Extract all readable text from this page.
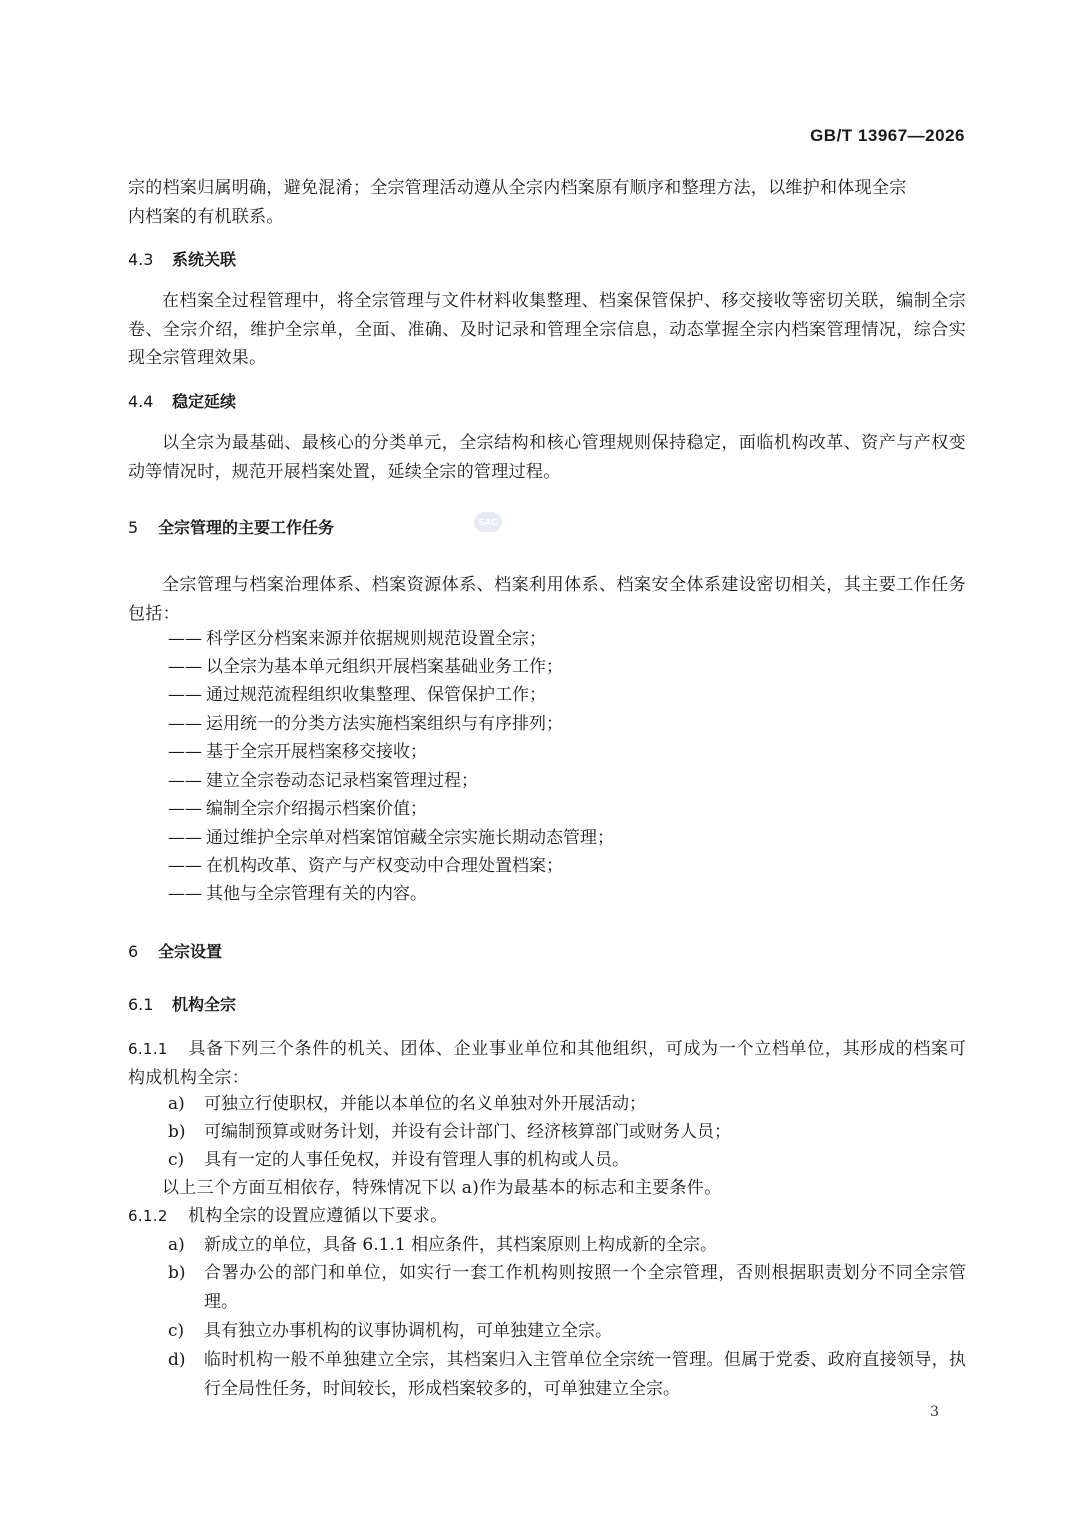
GB/T 13967—2026
宗的档案归属明确，避免混淆；全宗管理活动遵从全宗内档案原有顺序和整理方法，以维护和体现全宗
内档案的有机联系。
4.3 系统关联
在档案全过程管理中，将全宗管理与文件材料收集整理、档案保管保护、移交接收等密切关联，编制全宗卷、全宗介绍，维护全宗单，全面、准确、及时记录和管理全宗信息，动态掌握全宗内档案管理情况，综合实现全宗管理效果。
4.4 稳定延续
以全宗为最基础、最核心的分类单元，全宗结构和核心管理规则保持稳定，面临机构改革、资产与产权变动等情况时，规范开展档案处置，延续全宗的管理过程。
SAC
5 全宗管理的主要工作任务
全宗管理与档案治理体系、档案资源体系、档案利用体系、档案安全体系建设密切相关，其主要工作任务包括：
—— 科学区分档案来源并依据规则规范设置全宗；
—— 以全宗为基本单元组织开展档案基础业务工作；
—— 通过规范流程组织收集整理、保管保护工作；
—— 运用统一的分类方法实施档案组织与有序排列；
—— 基于全宗开展档案移交接收；
—— 建立全宗卷动态记录档案管理过程；
—— 编制全宗介绍揭示档案价值；
—— 通过维护全宗单对档案馆馆藏全宗实施长期动态管理；
—— 在机构改革、资产与产权变动中合理处置档案；
—— 其他与全宗管理有关的内容。
6 全宗设置
6.1 机构全宗
6.1.1 具备下列三个条件的机关、团体、企业事业单位和其他组织，可成为一个立档单位，其形成的档案可构成机构全宗：
a) 可独立行使职权，并能以本单位的名义单独对外开展活动；
b) 可编制预算或财务计划，并设有会计部门、经济核算部门或财务人员；
c) 具有一定的人事任免权，并设有管理人事的机构或人员。
以上三个方面互相依存，特殊情况下以 a)作为最基本的标志和主要条件。
6.1.2 机构全宗的设置应遵循以下要求。
a) 新成立的单位，具备 6.1.1 相应条件，其档案原则上构成新的全宗。
b) 合署办公的部门和单位，如实行一套工作机构则按照一个全宗管理，否则根据职责划分不同全宗管理。
c) 具有独立办事机构的议事协调机构，可单独建立全宗。
d) 临时机构一般不单独建立全宗，其档案归入主管单位全宗统一管理。但属于党委、政府直接领导，执行全局性任务，时间较长，形成档案较多的，可单独建立全宗。
3
